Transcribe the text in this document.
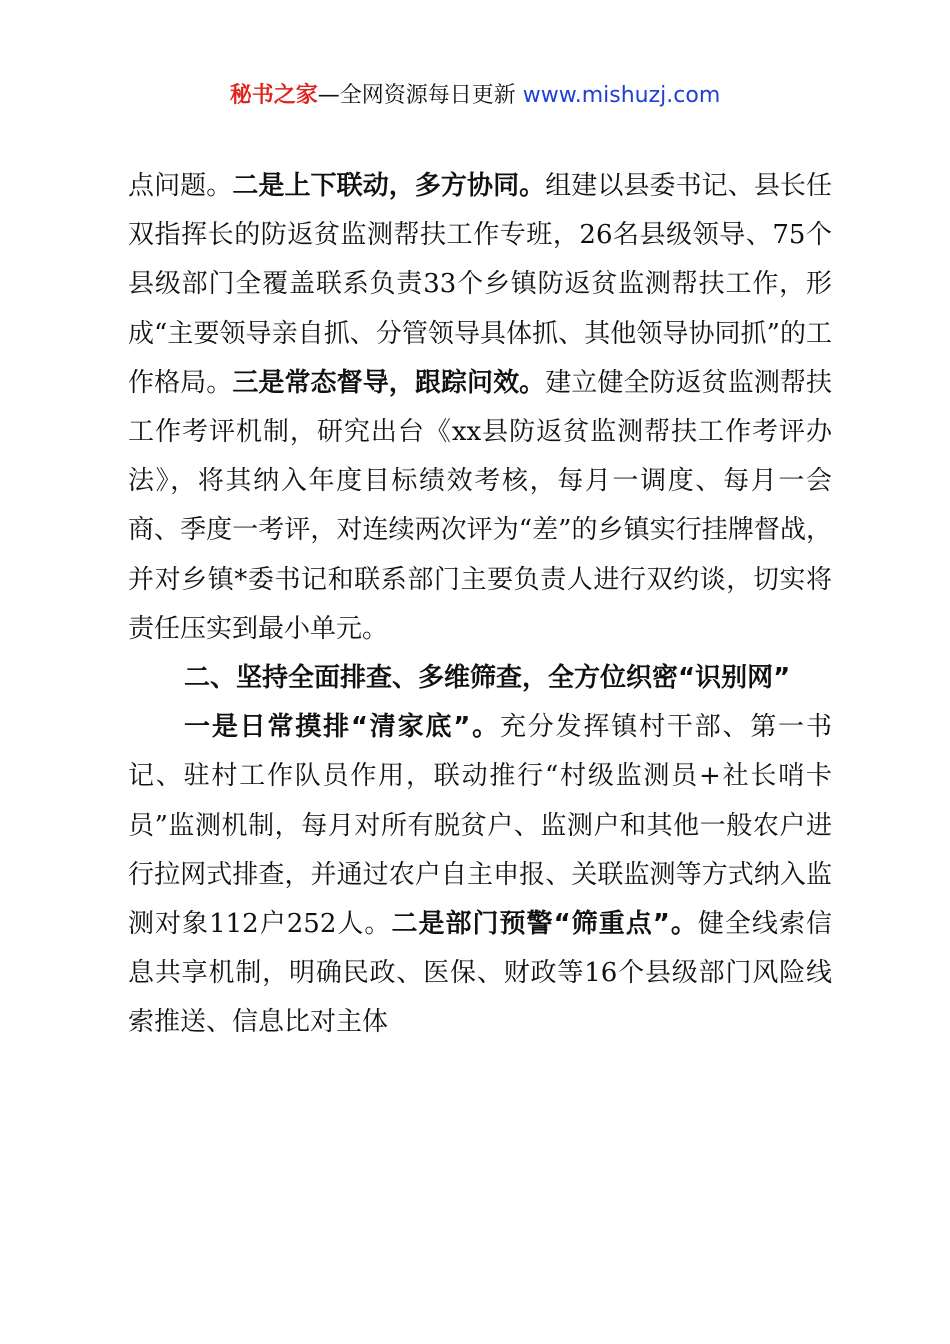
秘书之家—全网资源每日更新 www.mishuzj.com

点问题。二是上下联动，多方协同。组建以县委书记、县长任双指挥长的防返贫监测帮扶工作专班，26名县级领导、75个县级部门全覆盖联系负责33个乡镇防返贫监测帮扶工作，形成“主要领导亲自抓、分管领导具体抓、其他领导协同抓”的工作格局。三是常态督导，跟踪问效。建立健全防返贫监测帮扶工作考评机制，研究出台《xx县防返贫监测帮扶工作考评办法》，将其纳入年度目标绩效考核，每月一调度、每月一会商、季度一考评，对连续两次评为“差”的乡镇实行挂牌督战，并对乡镇*委书记和联系部门主要负责人进行双约谈，切实将责任压实到最小单元。

二、坚持全面排查、多维筛查，全方位织密“识别网”

一是日常摸排“清家底”。充分发挥镇村干部、第一书记、驻村工作队员作用，联动推行“村级监测员+社长哨卡员”监测机制，每月对所有脱贫户、监测户和其他一般农户进行拉网式排查，并通过农户自主申报、关联监测等方式纳入监测对象112户252人。二是部门预警“筛重点”。健全线索信息共享机制，明确民政、医保、财政等16个县级部门风险线索推送、信息比对主体
